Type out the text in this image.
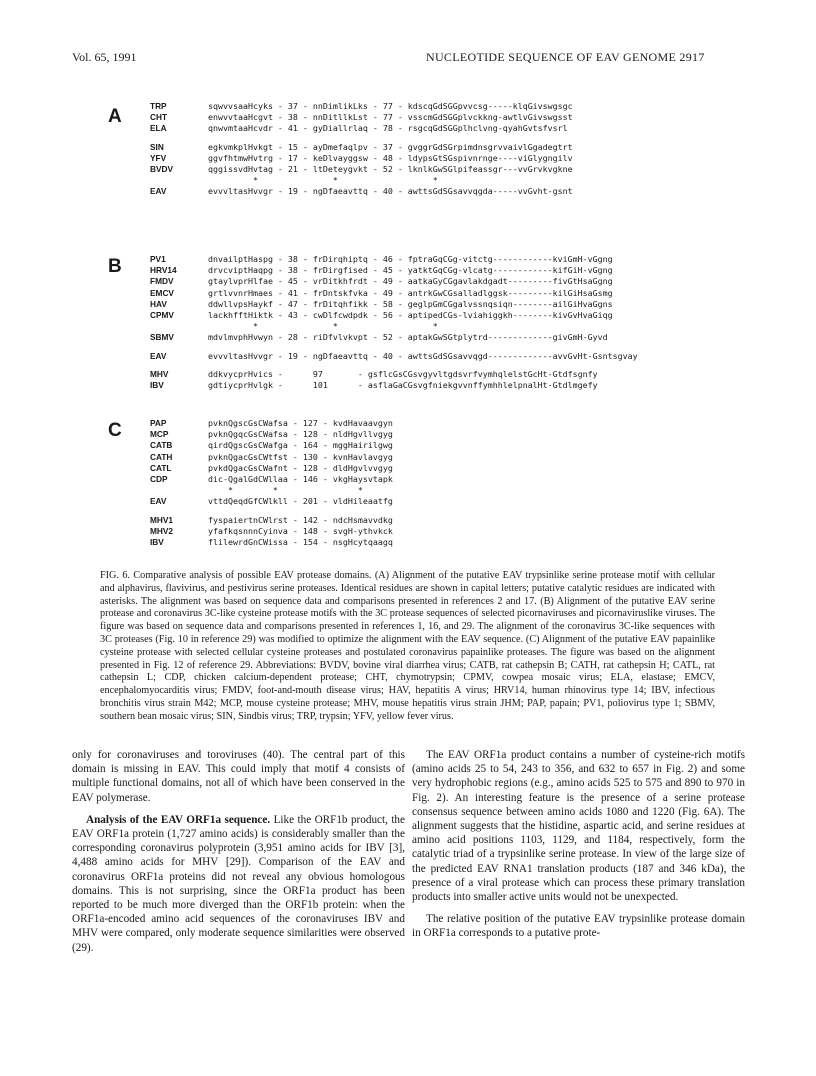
Vol. 65, 1991	NUCLEOTIDE SEQUENCE OF EAV GENOME 2917
A	TRP	sqwvvsaaHcyks - 37 - nnDimlikLks - 77 - kdscqGdSGGpvvcsg-----klqGivswgsgc
CHT	enwvvtaaHcgvt - 38 - nnDitllkLst - 77 - vsscmGdSGGplvckkng-awtlvGivswgsst
ELA	qnwvmtaaHcvdr - 41 - gyDiallrlaq - 78 - rsgcqGdSGGplhclvng-qyahGvtsfvsrl
SIN	egkvmkplHvkgt - 15 - ayDmefaqlpv - 37 - gvggrGdSGrpimdnsgrvvaivlGgadegtrt
YFV	ggvfhtmwHvtrg - 17 - keDlvayggsw - 48 - ldypsGtSGspivnrnge----viGlygngilv
BVDV	qggissvdHvtag - 21 - ltDeteygvkt - 52 - lknlkGwSGlpifeassgr---vvGrvkvgkne
*               *                   *
EAV	evvvltasHvvgr - 19 - ngDfaeavttq - 40 - awttsGdSGsavvqgda-----vvGvht-gsnt
B	PV1	dnvailptHaspg - 38 - frDirqhiptq - 46 - fptraGqCGg-vitctg------------kviGmH-vGgng
HRV14	drvcviptHaqpg - 38 - frDirgfised - 45 - yatktGqCGg-vlcatg------------kifGiH-vGgng
FMDV	gtaylvprHlfae - 45 - vrDitkhfrdt - 49 - aatkaGyCGgavlakdgadt---------fivGtHsaGgng
EMCV	grtlvvnrHmaes - 41 - frDntskfvka - 49 - antrkGwCGsalladlggsk---------kilGiHsaGsmg
HAV	ddwllvpsHaykf - 47 - frDitqhfikk - 58 - geglpGmCGgalvssnqsiqn--------ailGiHvaGgns
CPMV	lackhfftHiktk - 43 - cwDlfcwdpdk - 56 - aptipedCGs-lviahiggkh--------kivGvHvaGiqg
*               *                   *
SBMV	mdvlmvphHvwyn - 28 - riDfvlvkvpt - 52 - aptakGwSGtplytrd-------------givGmH-Gyvd
EAV	evvvltasHvvgr - 19 - ngDfaeavttq - 40 - awttsGdSGsavvqgd-------------avvGvHt-Gsntsgvay
MHV	ddkvycprHvics -      97       - gsflcGsCGsvgyvltgdsvrfvymhqlelstGcHt-Gtdfsgnfy
IBV	gdtiycprHvlgk -      101      - asflaGaCGsvgfniekgvvnffymhhlelpnalHt-Gtdlmgefy
C	PAP	pvknQgscGsCWafsa - 127 - kvdHavaavgyn
MCP	pvknQgqcGsCWafsa - 128 - nldHgvllvgyg
CATB	qirdQgscGsCWafga - 164 - mggHairilgwg
CATH	pvknQgacGsCWtfst - 130 - kvnHavlavgyg
CATL	pvkdQgacGsCWafnt - 128 - dldHgvlvvgyg
CDP	dic-QgalGdCWllaa - 146 - vkgHaysvtapk
*        *                *
EAV	vttdQeqdGfCWlkll - 201 - vldHileaatfg
MHV1	fyspaiertnCWlrst - 142 - ndcHsmavvdkg
MHV2	yfafkqsnnnCyinva - 148 - svgH-ythvkck
IBV	flilewrdGnCWissa - 154 - nsgHcytqaagq
FIG. 6. Comparative analysis of possible EAV protease domains. (A) Alignment of the putative EAV trypsinlike serine protease motif with cellular and alphavirus, flavivirus, and pestivirus serine proteases. Identical residues are shown in capital letters; putative catalytic residues are indicated with asterisks. The alignment was based on sequence data and comparisons presented in references 2 and 17. (B) Alignment of the putative EAV serine protease and coronavirus 3C-like cysteine protease motifs with the 3C protease sequences of selected picornaviruses and picornaviruslike viruses. The figure was based on sequence data and comparisons presented in references 1, 16, and 29. The alignment of the coronavirus 3C-like sequences with 3C proteases (Fig. 10 in reference 29) was modified to optimize the alignment with the EAV sequence. (C) Alignment of the putative EAV papainlike cysteine protease with selected cellular cysteine proteases and postulated coronavirus papainlike proteases. The figure was based on the alignment presented in Fig. 12 of reference 29. Abbreviations: BVDV, bovine viral diarrhea virus; CATB, rat cathepsin B; CATH, rat cathepsin H; CATL, rat cathepsin L; CDP, chicken calcium-dependent protease; CHT, chymotrypsin; CPMV, cowpea mosaic virus; ELA, elastase; EMCV, encephalomyocarditis virus; FMDV, foot-and-mouth disease virus; HAV, hepatitis A virus; HRV14, human rhinovirus type 14; IBV, infectious bronchitis virus strain M42; MCP, mouse cysteine protease; MHV, mouse hepatitis virus strain JHM; PAP, papain; PV1, poliovirus type 1; SBMV, southern bean mosaic virus; SIN, Sindbis virus; TRP, trypsin; YFV, yellow fever virus.

only for coronaviruses and toroviruses (40). The central part of this domain is missing in EAV. This could imply that motif 4 consists of multiple functional domains, not all of which have been conserved in the EAV polymerase.

Analysis of the EAV ORF1a sequence. Like the ORF1b product, the EAV ORF1a protein (1,727 amino acids) is considerably smaller than the corresponding coronavirus polyprotein (3,951 amino acids for IBV [3], 4,488 amino acids for MHV [29]). Comparison of the EAV and coronavirus ORF1a proteins did not reveal any obvious homologous domains. This is not surprising, since the ORF1a product has been reported to be much more diverged than the ORF1b protein: when the ORF1a-encoded amino acid sequences of the coronaviruses IBV and MHV were compared, only moderate sequence similarities were observed (29).

The EAV ORF1a product contains a number of cysteine-rich motifs (amino acids 25 to 54, 243 to 356, and 632 to 657 in Fig. 2) and some very hydrophobic regions (e.g., amino acids 525 to 575 and 890 to 970 in Fig. 2). An interesting feature is the presence of a serine protease consensus sequence between amino acids 1080 and 1220 (Fig. 6A). The alignment suggests that the histidine, aspartic acid, and serine residues at amino acid positions 1103, 1129, and 1184, respectively, form the catalytic triad of a trypsinlike serine protease. In view of the large size of the predicted EAV RNA1 translation products (187 and 346 kDa), the presence of a viral protease which can process these primary translation products into smaller active units would not be unexpected.

The relative position of the putative EAV trypsinlike protease domain in ORF1a corresponds to a putative prote-
